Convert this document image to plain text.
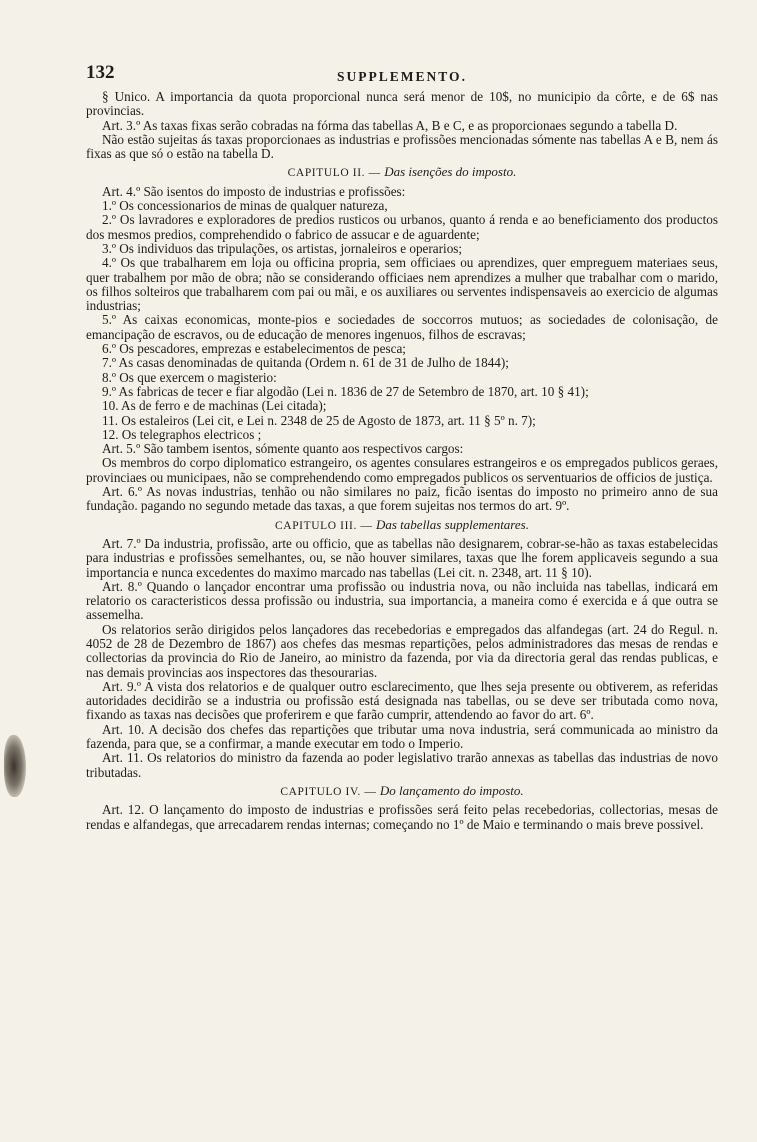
132	SUPPLEMENTO.

§ Unico. A importancia da quota proporcional nunca será menor de 10$, no municipio da côrte, e de 6$ nas provincias.

Art. 3.º As taxas fixas serão cobradas na fórma das tabellas A, B e C, e as proporcionaes segundo a tabella D.

Não estão sujeitas ás taxas proporcionaes as industrias e profissões mencionadas sómente nas tabellas A e B, nem ás fixas as que só o estão na tabella D.

CAPITULO II. — Das isenções do imposto.

Art. 4.º São isentos do imposto de industrias e profissões:

1.º Os concessionarios de minas de qualquer natureza,

2.º Os lavradores e exploradores de predios rusticos ou urbanos, quanto á renda e ao beneficiamento dos productos dos mesmos predios, comprehendido o fabrico de assucar e de aguardente;

3.º Os individuos das tripulações, os artistas, jornaleiros e operarios;

4.º Os que trabalharem em loja ou officina propria, sem officiaes ou aprendizes, quer empreguem materiaes seus, quer trabalhem por mão de obra; não se considerando officiaes nem aprendizes a mulher que trabalhar com o marido, os filhos solteiros que trabalharem com pai ou mãi, e os auxiliares ou serventes indispensaveis ao exercicio de algumas industrias;

5.º As caixas economicas, monte-pios e sociedades de soccorros mutuos; as sociedades de colonisação, de emancipação de escravos, ou de educação de menores ingenuos, filhos de escravas;

6.º Os pescadores, emprezas e estabelecimentos de pesca;

7.º As casas denominadas de quitanda (Ordem n. 61 de 31 de Julho de 1844);

8.º Os que exercem o magisterio:

9.º As fabricas de tecer e fiar algodão (Lei n. 1836 de 27 de Setembro de 1870, art. 10 § 41);

10. As de ferro e de machinas (Lei citada);

11. Os estaleiros (Lei cit, e Lei n. 2348 de 25 de Agosto de 1873, art. 11 § 5º n. 7);

12. Os telegraphos electricos ;

Art. 5.º São tambem isentos, sómente quanto aos respectivos cargos:

Os membros do corpo diplomatico estrangeiro, os agentes consulares estrangeiros e os empregados publicos geraes, provinciaes ou municipaes, não se comprehendendo como empregados publicos os serventuarios de officios de justiça.

Art. 6.º As novas industrias, tenhão ou não similares no paiz, ficão isentas do imposto no primeiro anno de sua fundação. pagando no segundo metade das taxas, a que forem sujeitas nos termos do art. 9º.

CAPITULO III. — Das tabellas supplementares.

Art. 7.º Da industria, profissão, arte ou officio, que as tabellas não designarem, cobrar-se-hão as taxas estabelecidas para industrias e profissões semelhantes, ou, se não houver similares, taxas que lhe forem applicaveis segundo a sua importancia e nunca excedentes do maximo marcado nas tabellas (Lei cit. n. 2348, art. 11 § 10).

Art. 8.º Quando o lançador encontrar uma profissão ou industria nova, ou não incluida nas tabellas, indicará em relatorio os caracteristicos dessa profissão ou industria, sua importancia, a maneira como é exercida e á que outra se assemelha.

Os relatorios serão dirigidos pelos lançadores das recebedorias e empregados das alfandegas (art. 24 do Regul. n. 4052 de 28 de Dezembro de 1867) aos chefes das mesmas repartições, pelos administradores das mesas de rendas e collectorias da provincia do Rio de Janeiro, ao ministro da fazenda, por via da directoria geral das rendas publicas, e nas demais provincias aos inspectores das thesourarias.

Art. 9.º A vista dos relatorios e de qualquer outro esclarecimento, que lhes seja presente ou obtiverem, as referidas autoridades decidirão se a industria ou profissão está designada nas tabellas, ou se deve ser tributada como nova, fixando as taxas nas decisões que proferirem e que farão cumprir, attendendo ao favor do art. 6º.

Art. 10. A decisão dos chefes das repartições que tributar uma nova industria, será communicada ao ministro da fazenda, para que, se a confirmar, a mande executar em todo o Imperio.

Art. 11. Os relatorios do ministro da fazenda ao poder legislativo trarão annexas as tabellas das industrias de novo tributadas.

CAPITULO IV. — Do lançamento do imposto.

Art. 12. O lançamento do imposto de industrias e profissões será feito pelas recebedorias, collectorias, mesas de rendas e alfandegas, que arrecadarem rendas internas; começando no 1º de Maio e terminando o mais breve possivel.
